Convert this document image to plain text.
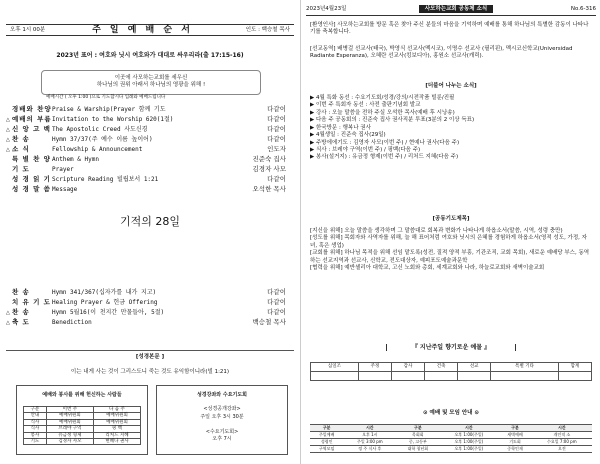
오후 1시 00분	주 일 예 배 순 서	인도 : 백승철 목사
2023년 표어 : 여호와 닛시 여호와가 대대로 싸우리라(출 17:15-16)
이곳에 사모하는교회를 세우신
하나님의 권위 아래서 하나님의 영광을 위해 !
예배시간 ( 오후 1:00 )으로 기도합시다 입례와 예배드립니다
경배와 찬양 Praise & Warship(Prayer 함께 기도	다같이
△ 예배의 부름 Invitation to the Worship 620(1절)	다같이
△ 신 앙 고 백 The Apostolic Creed 사도신경	다같이
△ 찬 송	Hymn 37/37(주 예수 이름 높이어)	다같이
△ 소 식	Fellowship & Announcement	인도자
특 별 찬 양 Anthem & Hymn	진준숙 집사
기 도	Prayer	김경자 사모
성 경 읽 기 Scripture Reading 빌립보서 1:21	다같이
성 경 말 씀 Message	오석한 목사
기적의 28일
찬 송	Hymn 341/367(십자가를 내가 지고)	다같이
치 유 기 도 Healing Prayer & 헌금 Offering	다같이
△ 찬 송	Hymn 5월16(이 천지간 만물들아, 5절)	다같이
△ 축 도	Benediction	백승철 목사
[성경본문 ]
이는 내게 사는 것이 그리스도니 죽는 것도 유익함이니라(빌 1:21)
예배와 봉사를 위해 헌신하는 사람들
구분	이번 주	다 음 주
안내	예배위원회	예배위원회
식사	예배위원회	예배위원회
식사	브레야 구역	핑 백
봉사	유금정 형제	리처드 지혜
기도	김경자 사모	현혜나 권사
성경강좌와 수요기도회
<성경공개강좌>
주일 오후 3시 30분

<수요기도회>
오후 7시
2023년4월23일	사모하는교회 공동체 소식	No.6-316
[환영인사] 사모하는교회를 방문 혹은 찾아 주신 분들의 마음을 기억하며 예배를 통해 하나님의 특별한 감동이 나타나기를 축복합니다.
[선교동역] 배병걸 선교사(태국), 박영식 선교사(멕시코), 이명수 선교사 (필리핀), 멕시코신학교(Universidad Radiante Esperanza), 오혜란 선교사(킹보디아), 홍원소 선교사(캐릭).
[더불어 나누는 소식]
▶ 4월 특화 동선 : 수요기도회/성경/강의/시전작품 빌룬/진필
▶ 이번 주 특회자 동선 : 사전 출판기념회 발교
▶ 강사 : 오늘 말씀을 전하 주실 오석한 목사(예배 후 시낭송)
▶ 다음 주 공동회의 : 진준숙 집사 권사직분 투표(3분의 2 이상 득표)
▶ 한국방문 : 행복나 권사
▶ 4월생일 : 진준숙 집사(29일)
▶ 주방에에기도 : 김영자 사모(이번 주) / 현예나 권사(다음 주)
▶ 식사 : 브레야 구역(이번 주) / 핑백(다음 주)
▶ 봉사(설거지) : 유금정 형제(이번 주) / 리처드 지혜(다음 주)
[공동기도제목]
[지신을 위해] 오늘 말씀을 생각하며 그 말씀대로 회복과 변화가 나타나게 하옵소서(말씀, 시역, 성령 충만)
[성도를 위해] 목회자와 사역자를 위해, 늘 해 표어처럼 여호와 닛시의 은혜를 경험하게 하옵소서(영적 성도, 가정, 자녀, 혹은 생업)
[교회를 위해] 하나님 목적을 위해 선임 맡도록(성전, 질적 양적 부흥, 기관조직, 교회 목회), 새로운 예배당 부스, 동역하는 선교지역과 선교사, 신학교, 전도대상자, 예피포도예술과문학
[협력을 위해] 예반셸리아 대학교, 고신 노회와 총회, 세계교회와 나라, 하늘로교회와 새벽이술교회
『 지난주일 향기로운 예물 』
십일조	주정	감사	건축	선교	특별 기타	합계

⊙ 예배 및 모임 안내 ⊙
구분	시간	구분	시간	구분	시간
주일예배	오후 1시	목회회	오후 1:00(주일)	새벽예배	개인적 소
성령인	주일 3:00 pm	중, 고등부	오후 1:00(주일)	기도회	수요일 7:00 pm
구역모임	정 주 식사 후	대학 청년회	오후 1:00(주일)	중학인재	오전
